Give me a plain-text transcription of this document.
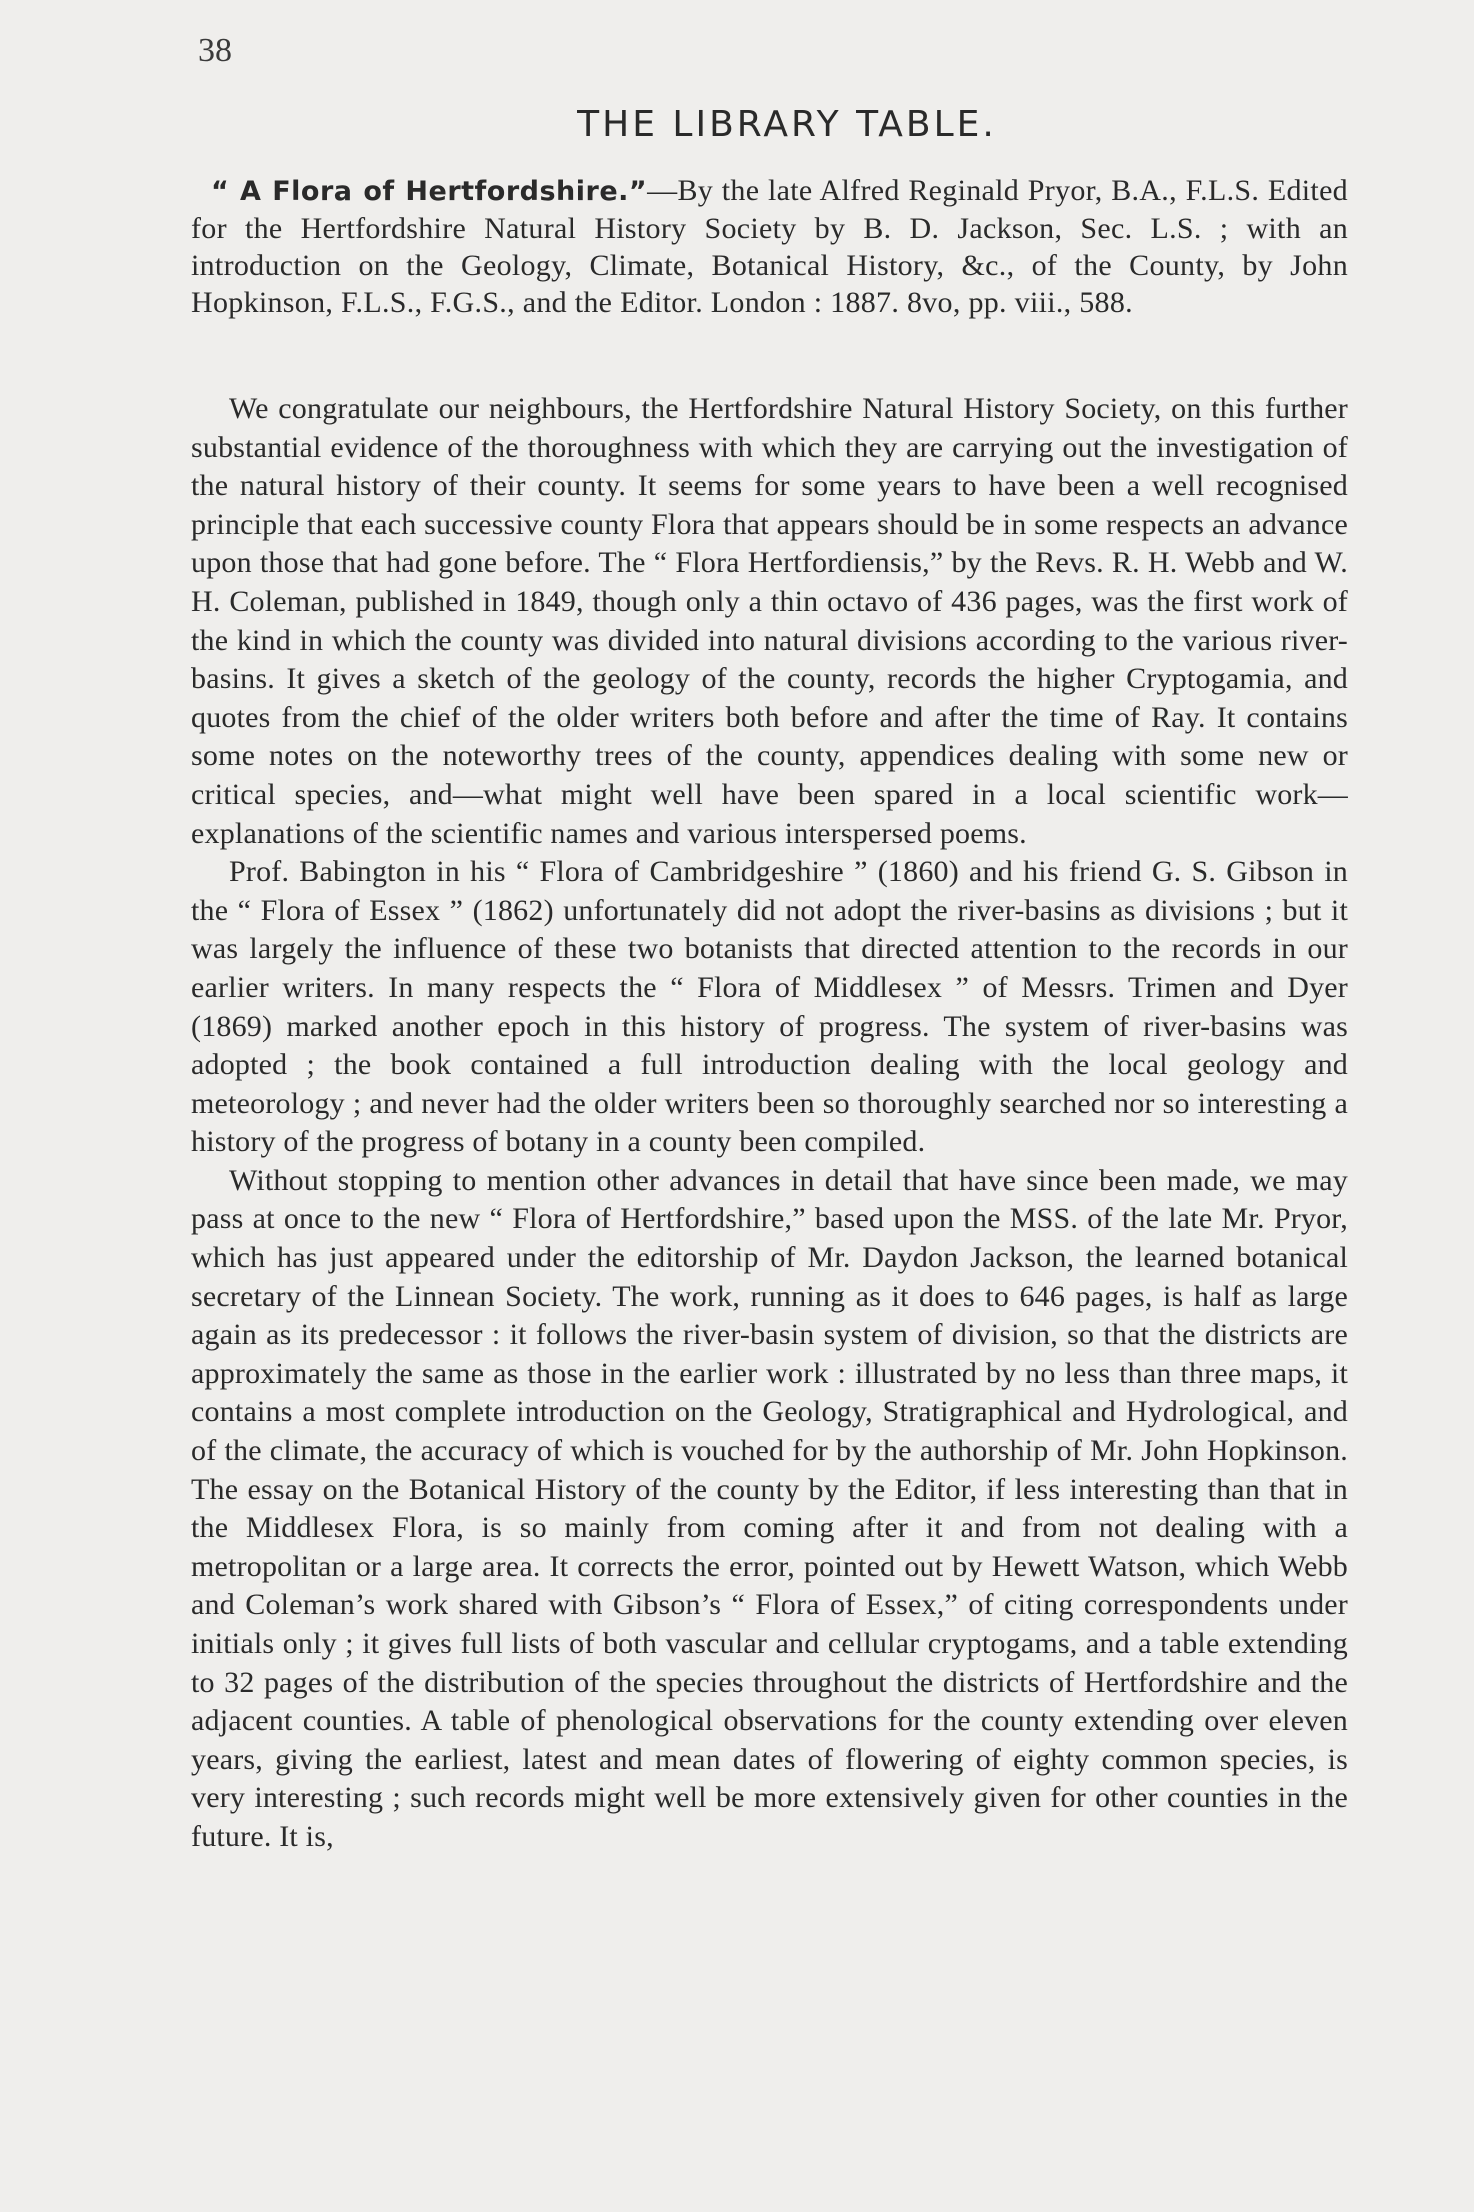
38
THE LIBRARY TABLE.
“ A Flora of Hertfordshire.”—By the late Alfred Reginald Pryor, B.A., F.L.S. Edited for the Hertfordshire Natural History Society by B. D. Jackson, Sec. L.S. ; with an introduction on the Geology, Climate, Botanical History, &c., of the County, by John Hopkinson, F.L.S., F.G.S., and the Editor. London : 1887. 8vo, pp. viii., 588.

We congratulate our neighbours, the Hertfordshire Natural History Society, on this further substantial evidence of the thoroughness with which they are carrying out the investigation of the natural history of their county. It seems for some years to have been a well recognised principle that each successive county Flora that appears should be in some respects an advance upon those that had gone before. The “ Flora Hertfordiensis,” by the Revs. R. H. Webb and W. H. Coleman, published in 1849, though only a thin octavo of 436 pages, was the first work of the kind in which the county was divided into natural divisions according to the various river-basins. It gives a sketch of the geology of the county, records the higher Cryptogamia, and quotes from the chief of the older writers both before and after the time of Ray. It contains some notes on the noteworthy trees of the county, appendices dealing with some new or critical species, and—what might well have been spared in a local scientific work—explanations of the scientific names and various interspersed poems.

Prof. Babington in his “ Flora of Cambridgeshire ” (1860) and his friend G. S. Gibson in the “ Flora of Essex ” (1862) unfortunately did not adopt the river-basins as divisions ; but it was largely the influence of these two botanists that directed attention to the records in our earlier writers. In many respects the “ Flora of Middlesex ” of Messrs. Trimen and Dyer (1869) marked another epoch in this history of progress. The system of river-basins was adopted ; the book contained a full introduction dealing with the local geology and meteorology ; and never had the older writers been so thoroughly searched nor so interesting a history of the progress of botany in a county been compiled.

Without stopping to mention other advances in detail that have since been made, we may pass at once to the new “ Flora of Hertfordshire,” based upon the MSS. of the late Mr. Pryor, which has just appeared under the editorship of Mr. Daydon Jackson, the learned botanical secretary of the Linnean Society. The work, running as it does to 646 pages, is half as large again as its predecessor : it follows the river-basin system of division, so that the districts are approximately the same as those in the earlier work : illustrated by no less than three maps, it contains a most complete introduction on the Geology, Stratigraphical and Hydrological, and of the climate, the accuracy of which is vouched for by the authorship of Mr. John Hopkinson. The essay on the Botanical History of the county by the Editor, if less interesting than that in the Middlesex Flora, is so mainly from coming after it and from not dealing with a metropolitan or a large area. It corrects the error, pointed out by Hewett Watson, which Webb and Coleman’s work shared with Gibson’s “ Flora of Essex,” of citing correspondents under initials only ; it gives full lists of both vascular and cellular cryptogams, and a table extending to 32 pages of the distribution of the species throughout the districts of Hertfordshire and the adjacent counties. A table of phenological observations for the county extending over eleven years, giving the earliest, latest and mean dates of flowering of eighty common species, is very interesting ; such records might well be more extensively given for other counties in the future. It is,
